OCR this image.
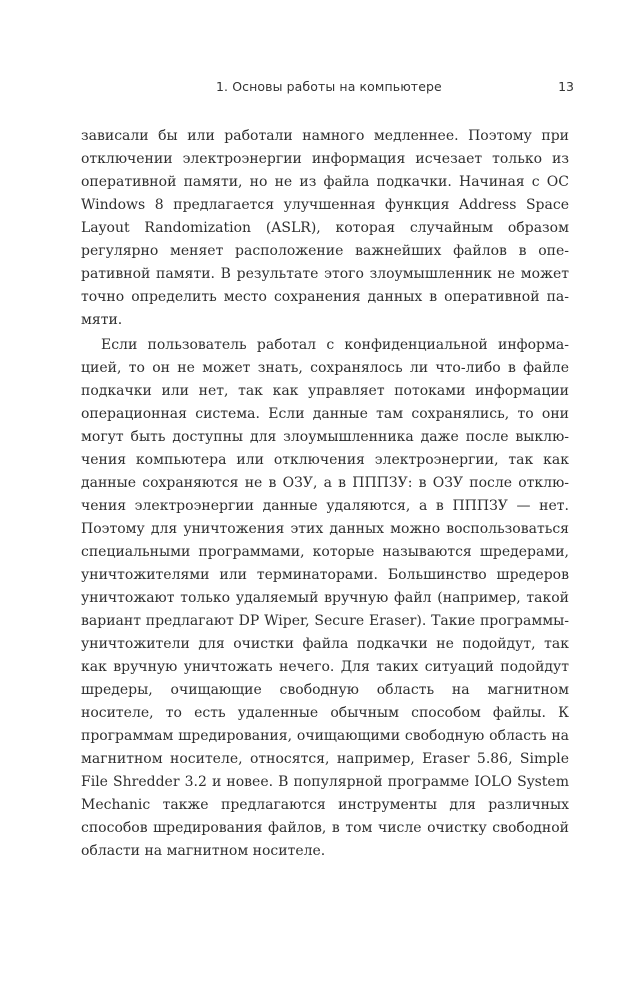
1. Основы работы на компьютере	13

зависали бы или работали намного медленнее. Поэтому при отключении электроэнергии информация исчезает только из оперативной памяти, но не из файла подкачки. Начиная с ОС Windows 8 предлагается улучшенная функция Address Space Layout Randomization (ASLR), которая случайным образом регулярно меняет расположение важнейших файлов в оперативной памяти. В результате этого злоумышленник не может точно определить место сохранения данных в оперативной памяти.

Если пользователь работал с конфиденциальной информацией, то он не может знать, сохранялось ли что-либо в файле подкачки или нет, так как управляет потоками информации операционная система. Если данные там сохранялись, то они могут быть доступны для злоумышленника даже после выключения компьютера или отключения электроэнергии, так как данные сохраняются не в ОЗУ, а в ПППЗУ: в ОЗУ после отключения электроэнергии данные удаляются, а в ПППЗУ — нет. Поэтому для уничтожения этих данных можно воспользоваться специальными программами, которые называются шредерами, уничтожителями или терминаторами. Большинство шредеров уничтожают только удаляемый вручную файл (например, такой вариант предлагают DP Wiper, Secure Eraser). Такие программы-уничтожители для очистки файла подкачки не подойдут, так как вручную уничтожать нечего. Для таких ситуаций подойдут шредеры, очищающие свободную область на магнитном носителе, то есть удаленные обычным способом файлы. К программам шредирования, очищающими свободную область на магнитном носителе, относятся, например, Eraser 5.86, Simple File Shredder 3.2 и новее. В популярной программе IOLO System Mechanic также предлагаются инструменты для различных способов шредирования файлов, в том числе очистку свободной области на магнитном носителе.
